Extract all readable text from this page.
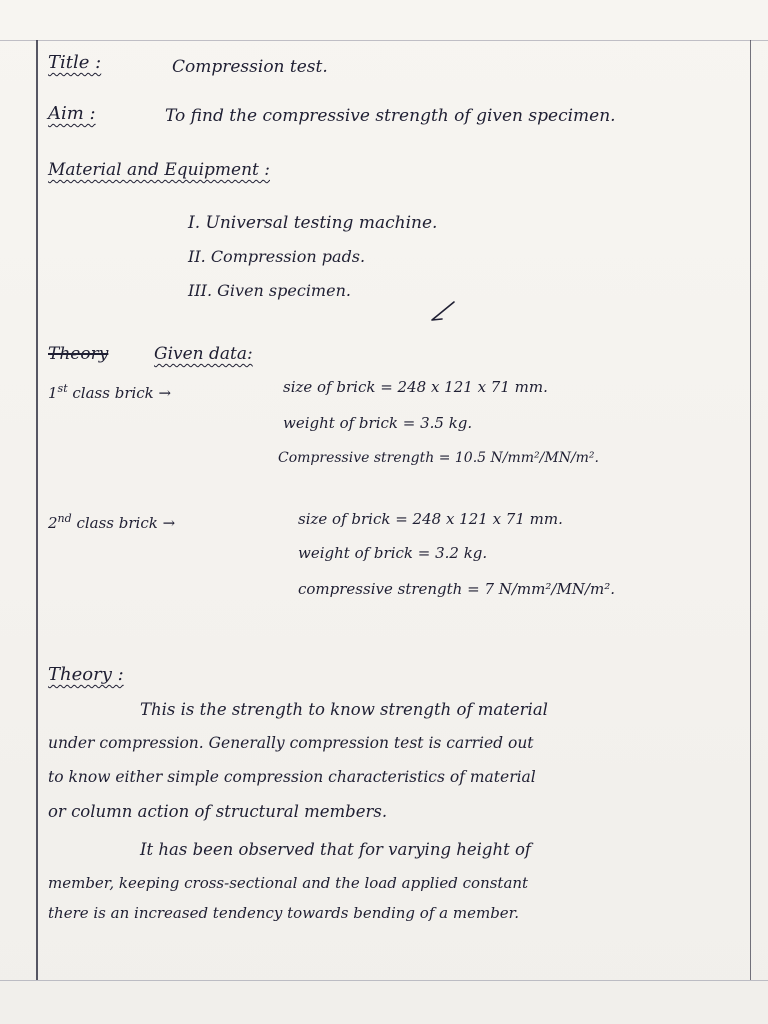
Title :	Compression test.
Aim :	To find the compressive strength of given specimen.
Material and Equipment :
I. Universal testing machine.
II. Compression pads.
III. Given specimen.
Theory	Given data:
1st class brick →	size of brick = 248 x 121 x 71 mm.
weight of brick = 3.5 kg.
Compressive strength = 10.5 N/mm²/MN/m².
2nd class brick →	size of brick = 248 x 121 x 71 mm.
weight of brick = 3.2 kg.
compressive strength = 7 N/mm²/MN/m².
Theory :
This is the strength to know strength of material
under compression. Generally compression test is carried out
to know either simple compression characteristics of material
or column action of structural members.
It has been observed that for varying height of
member, keeping cross-sectional and the load applied constant
there is an increased tendency towards bending of a member.
